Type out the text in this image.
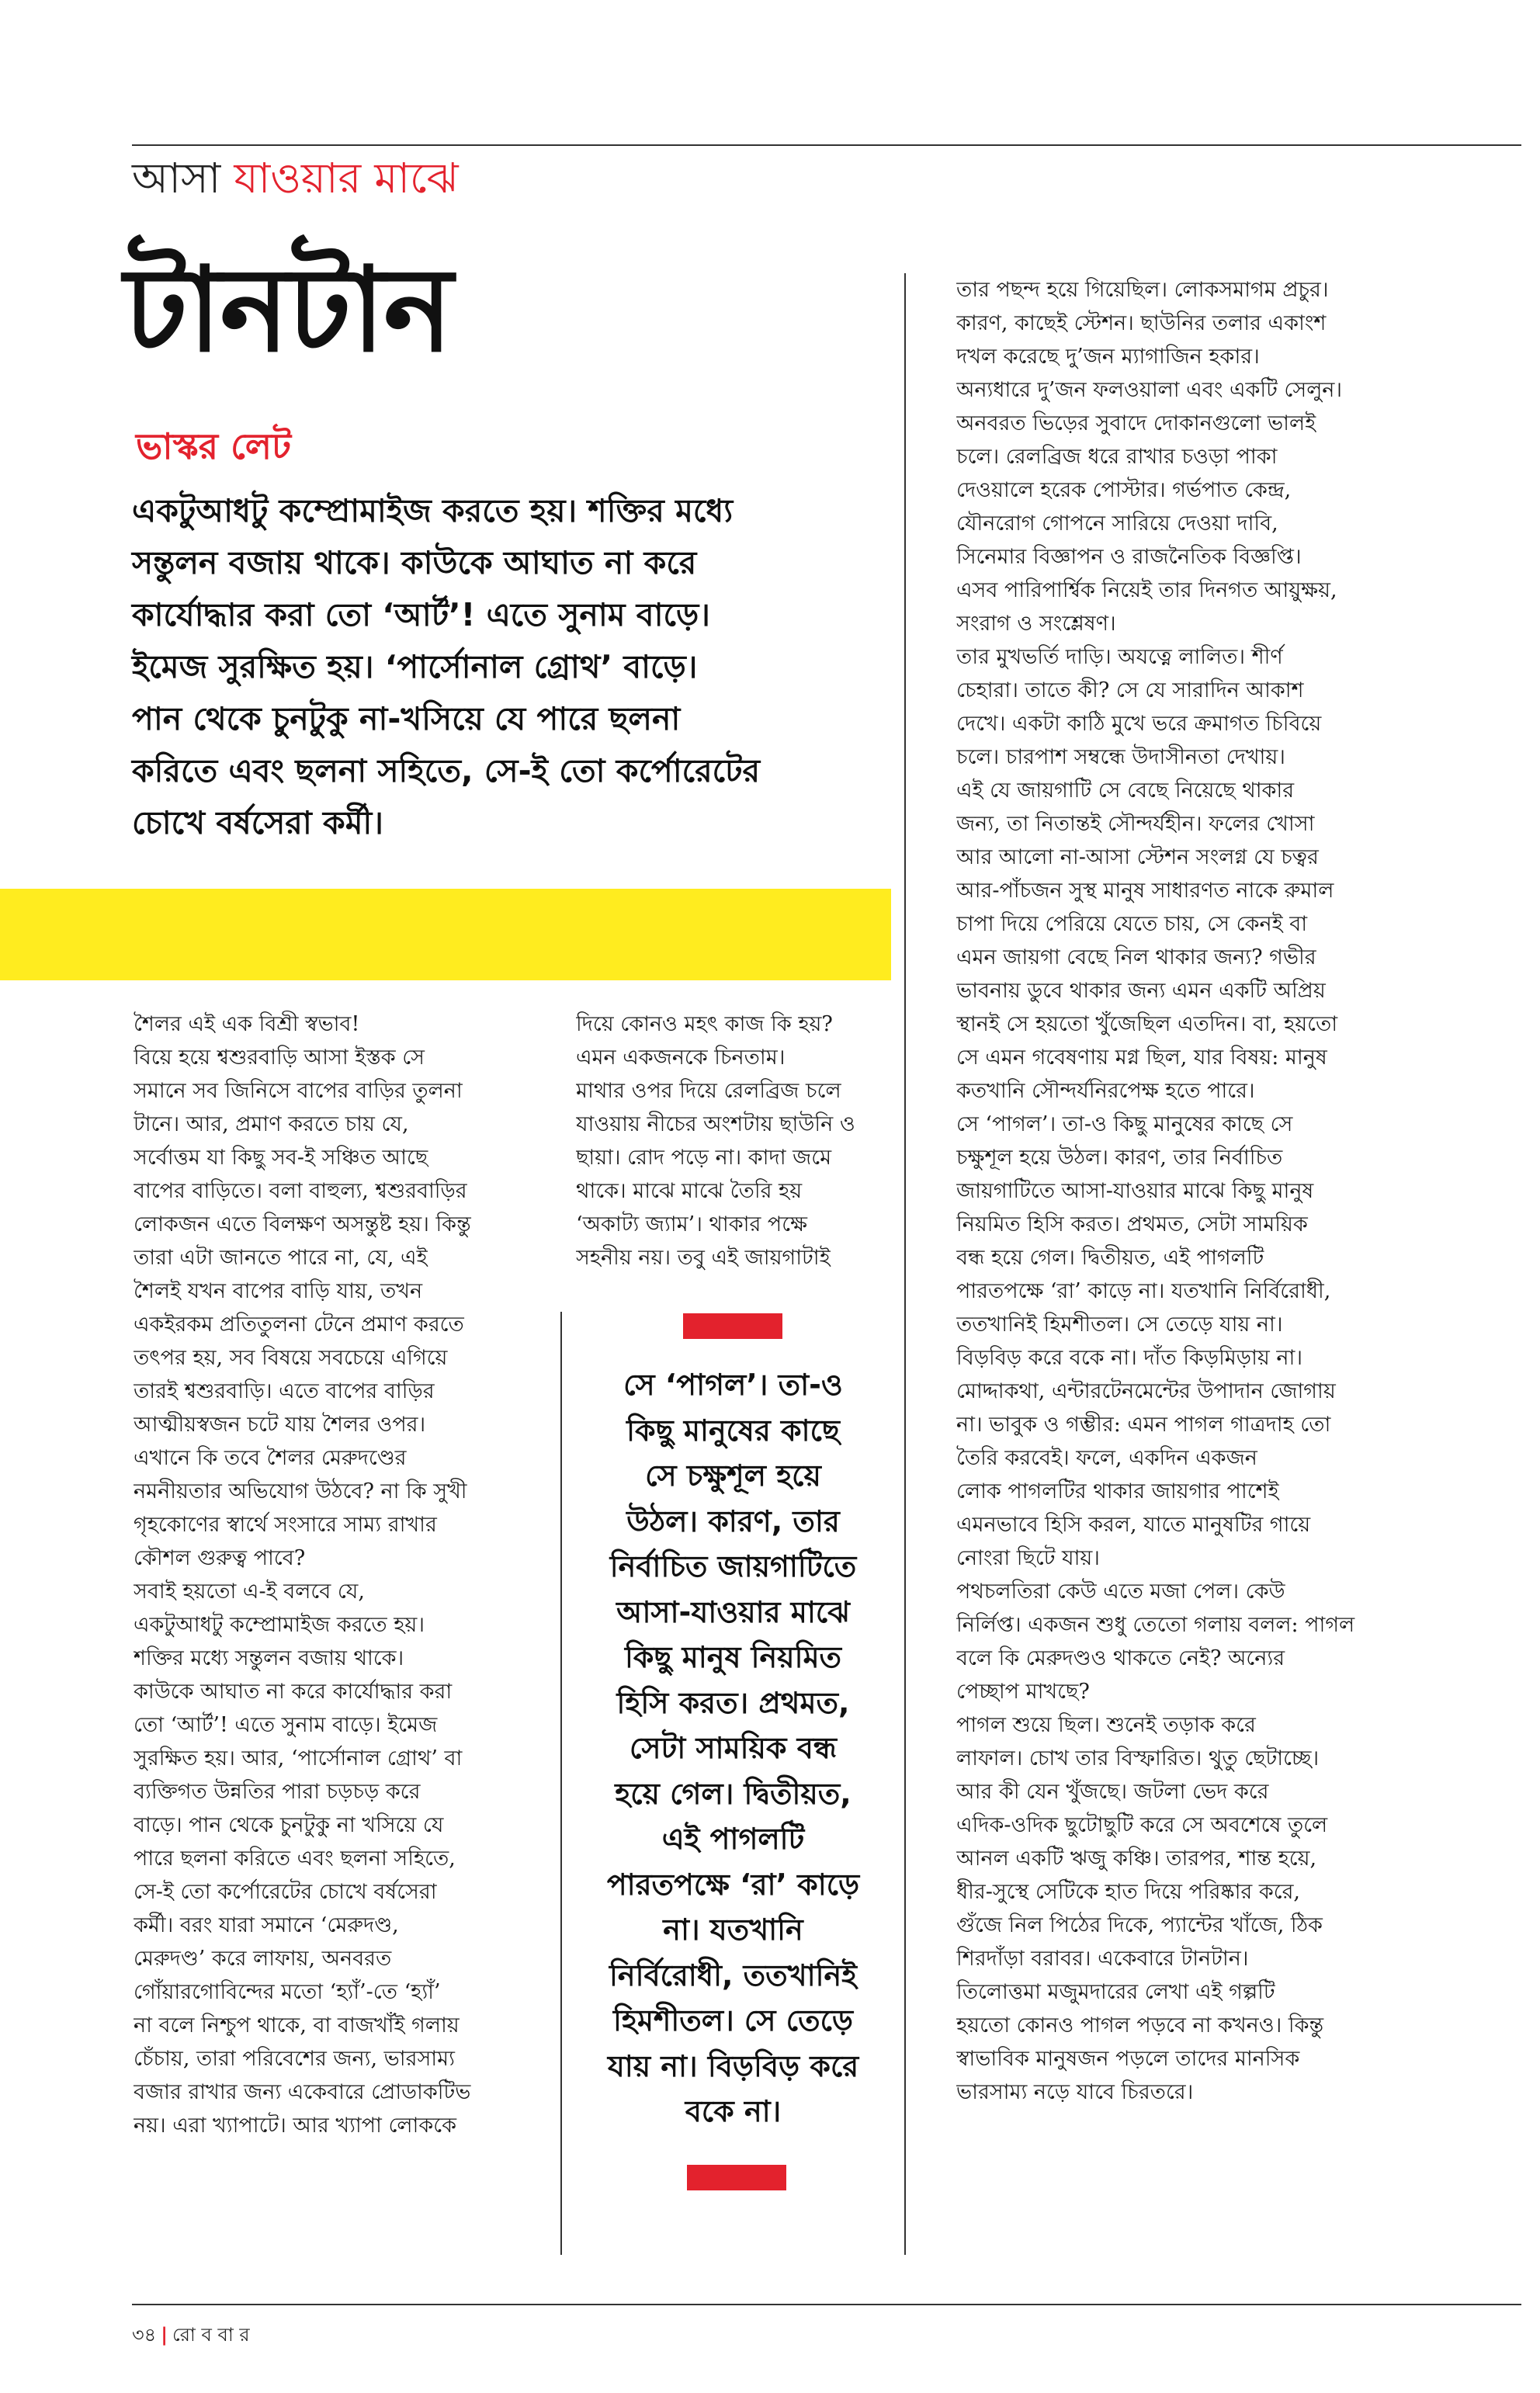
আসা যাওয়ার মাঝে
টানটান
ভাস্কর লেট
একটুআধটু কম্প্রোমাইজ করতে হয়। শক্তির মধ্যে
সন্তুলন বজায় থাকে। কাউকে আঘাত না করে
কার্যোদ্ধার করা তো ‘আর্ট’! এতে সুনাম বাড়ে।
ইমেজ সুরক্ষিত হয়। ‘পার্সোনাল গ্রোথ’ বাড়ে।
পান থেকে চুনটুকু না-খসিয়ে যে পারে ছলনা
করিতে এবং ছলনা সহিতে, সে-ই তো কর্পোরেটের
চোখে বর্ষসেরা কর্মী।
শৈলর এই এক বিশ্রী স্বভাব!
বিয়ে হয়ে শ্বশুরবাড়ি আসা ইস্তক সে
সমানে সব জিনিসে বাপের বাড়ির তুলনা
টানে। আর, প্রমাণ করতে চায় যে,
সর্বোত্তম যা কিছু সব-ই সঞ্চিত আছে
বাপের বাড়িতে। বলা বাহুল্য, শ্বশুরবাড়ির
লোকজন এতে বিলক্ষণ অসন্তুষ্ট হয়। কিন্তু
তারা এটা জানতে পারে না, যে, এই
শৈলই যখন বাপের বাড়ি যায়, তখন
একইরকম প্রতিতুলনা টেনে প্রমাণ করতে
তৎপর হয়, সব বিষয়ে সবচেয়ে এগিয়ে
তারই শ্বশুরবাড়ি। এতে বাপের বাড়ির
আত্মীয়স্বজন চটে যায় শৈলর ওপর।
এখানে কি তবে শৈলর মেরুদণ্ডের
নমনীয়তার অভিযোগ উঠবে? না কি সুখী
গৃহকোণের স্বার্থে সংসারে সাম্য রাখার
কৌশল গুরুত্ব পাবে?
সবাই হয়তো এ-ই বলবে যে,
একটুআধটু কম্প্রোমাইজ করতে হয়।
শক্তির মধ্যে সন্তুলন বজায় থাকে।
কাউকে আঘাত না করে কার্যোদ্ধার করা
তো ‘আর্ট’! এতে সুনাম বাড়ে। ইমেজ
সুরক্ষিত হয়। আর, ‘পার্সোনাল গ্রোথ’ বা
ব্যক্তিগত উন্নতির পারা চড়চড় করে
বাড়ে। পান থেকে চুনটুকু না খসিয়ে যে
পারে ছলনা করিতে এবং ছলনা সহিতে,
সে-ই তো কর্পোরেটের চোখে বর্ষসেরা
কর্মী। বরং যারা সমানে ‘মেরুদণ্ড,
মেরুদণ্ড’ করে লাফায়, অনবরত
গোঁয়ারগোবিন্দের মতো ‘হ্যাঁ’-তে ‘হ্যাঁ’
না বলে নিশ্চুপ থাকে, বা বাজখাঁই গলায়
চেঁচায়, তারা পরিবেশের জন্য, ভারসাম্য
বজার রাখার জন্য একেবারে প্রোডাকটিভ
নয়। এরা খ্যাপাটে। আর খ্যাপা লোককে
দিয়ে কোনও মহৎ কাজ কি হয়?
এমন একজনকে চিনতাম।
মাথার ওপর দিয়ে রেলব্রিজ চলে
যাওয়ায় নীচের অংশটায় ছাউনি ও
ছায়া। রোদ পড়ে না। কাদা জমে
থাকে। মাঝে মাঝে তৈরি হয়
‘অকাট্য জ্যাম’। থাকার পক্ষে
সহনীয় নয়। তবু এই জায়গাটাই
তার পছন্দ হয়ে গিয়েছিল। লোকসমাগম প্রচুর।
কারণ, কাছেই স্টেশন। ছাউনির তলার একাংশ
দখল করেছে দু’জন ম্যাগাজিন হকার।
অন্যধারে দু’জন ফলওয়ালা এবং একটি সেলুন।
অনবরত ভিড়ের সুবাদে দোকানগুলো ভালই
চলে। রেলব্রিজ ধরে রাখার চওড়া পাকা
দেওয়ালে হরেক পোস্টার। গর্ভপাত কেন্দ্র,
যৌনরোগ গোপনে সারিয়ে দেওয়া দাবি,
সিনেমার বিজ্ঞাপন ও রাজনৈতিক বিজ্ঞপ্তি।
এসব পারিপার্শ্বিক নিয়েই তার দিনগত আয়ুক্ষয়,
সংরাগ ও সংশ্লেষণ।
তার মুখভর্তি দাড়ি। অযত্নে লালিত। শীর্ণ
চেহারা। তাতে কী? সে যে সারাদিন আকাশ
দেখে। একটা কাঠি মুখে ভরে ক্রমাগত চিবিয়ে
চলে। চারপাশ সম্বন্ধে উদাসীনতা দেখায়।
এই যে জায়গাটি সে বেছে নিয়েছে থাকার
জন্য, তা নিতান্তই সৌন্দর্যহীন। ফলের খোসা
আর আলো না-আসা স্টেশন সংলগ্ন যে চত্বর
আর-পাঁচজন সুস্থ মানুষ সাধারণত নাকে রুমাল
চাপা দিয়ে পেরিয়ে যেতে চায়, সে কেনই বা
এমন জায়গা বেছে নিল থাকার জন্য? গভীর
ভাবনায় ডুবে থাকার জন্য এমন একটি অপ্রিয়
স্থানই সে হয়তো খুঁজেছিল এতদিন। বা, হয়তো
সে এমন গবেষণায় মগ্ন ছিল, যার বিষয়: মানুষ
কতখানি সৌন্দর্যনিরপেক্ষ হতে পারে।
সে ‘পাগল’। তা-ও কিছু মানুষের কাছে সে
চক্ষুশূল হয়ে উঠল। কারণ, তার নির্বাচিত
জায়গাটিতে আসা-যাওয়ার মাঝে কিছু মানুষ
নিয়মিত হিসি করত। প্রথমত, সেটা সাময়িক
বন্ধ হয়ে গেল। দ্বিতীয়ত, এই পাগলটি
পারতপক্ষে ‘রা’ কাড়ে না। যতখানি নির্বিরোধী,
ততখানিই হিমশীতল। সে তেড়ে যায় না।
বিড়বিড় করে বকে না। দাঁত কিড়মিড়ায় না।
মোদ্দাকথা, এন্টারটেনমেন্টের উপাদান জোগায়
না। ভাবুক ও গম্ভীর: এমন পাগল গাত্রদাহ তো
তৈরি করবেই। ফলে, একদিন একজন
লোক পাগলটির থাকার জায়গার পাশেই
এমনভাবে হিসি করল, যাতে মানুষটির গায়ে
নোংরা ছিটে যায়।
পথচলতিরা কেউ এতে মজা পেল। কেউ
নির্লিপ্ত। একজন শুধু তেতো গলায় বলল: পাগল
বলে কি মেরুদণ্ডও থাকতে নেই? অন্যের
পেচ্ছাপ মাখছে?
পাগল শুয়ে ছিল। শুনেই তড়াক করে
লাফাল। চোখ তার বিস্ফারিত। থুতু ছেটাচ্ছে।
আর কী যেন খুঁজছে। জটলা ভেদ করে
এদিক-ওদিক ছুটোছুটি করে সে অবশেষে তুলে
আনল একটি ঋজু কঞ্চি। তারপর, শান্ত হয়ে,
ধীর-সুস্থে সেটিকে হাত দিয়ে পরিষ্কার করে,
গুঁজে নিল পিঠের দিকে, প্যান্টের খাঁজে, ঠিক
শিরদাঁড়া বরাবর। একেবারে টানটান।
তিলোত্তমা মজুমদারের লেখা এই গল্পটি
হয়তো কোনও পাগল পড়বে না কখনও। কিন্তু
স্বাভাবিক মানুষজন পড়লে তাদের মানসিক
ভারসাম্য নড়ে যাবে চিরতরে।
সে ‘পাগল’। তা-ও
কিছু মানুষের কাছে
সে চক্ষুশূল হয়ে
উঠল। কারণ, তার
নির্বাচিত জায়গাটিতে
আসা-যাওয়ার মাঝে
কিছু মানুষ নিয়মিত
হিসি করত। প্রথমত,
সেটা সাময়িক বন্ধ
হয়ে গেল। দ্বিতীয়ত,
এই পাগলটি
পারতপক্ষে ‘রা’ কাড়ে
না। যতখানি
নির্বিরোধী, ততখানিই
হিমশীতল। সে তেড়ে
যায় না। বিড়বিড় করে
বকে না।
৩৪ | রো ব বা র
